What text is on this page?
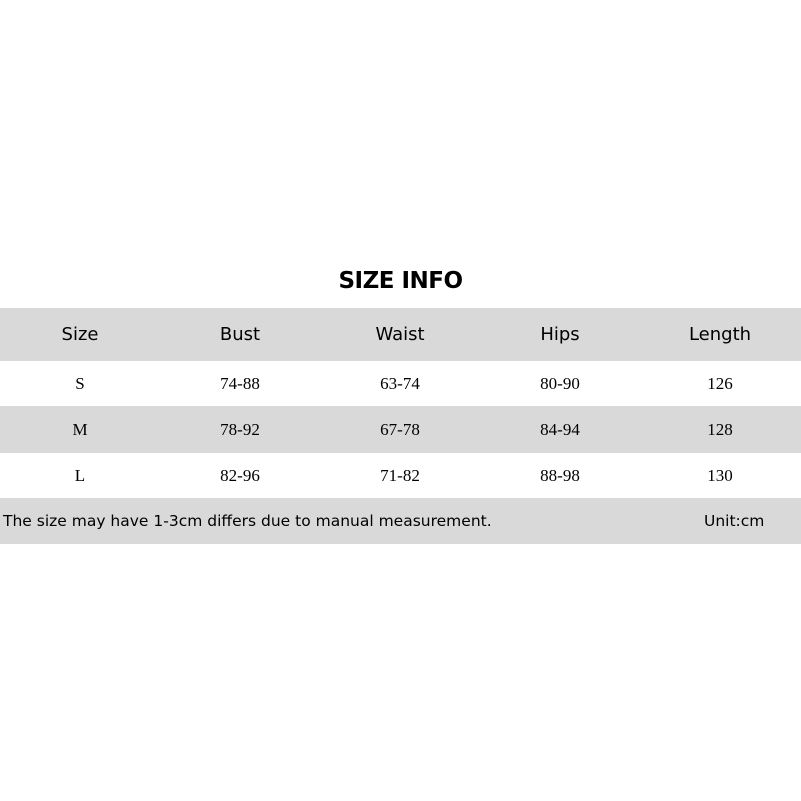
SIZE INFO
Size	Bust	Waist	Hips	Length
S	74-88	63-74	80-90	126
M	78-92	67-78	84-94	128
L	82-96	71-82	88-98	130
The size may have 1-3cm differs due to manual measurement.	Unit:cm
